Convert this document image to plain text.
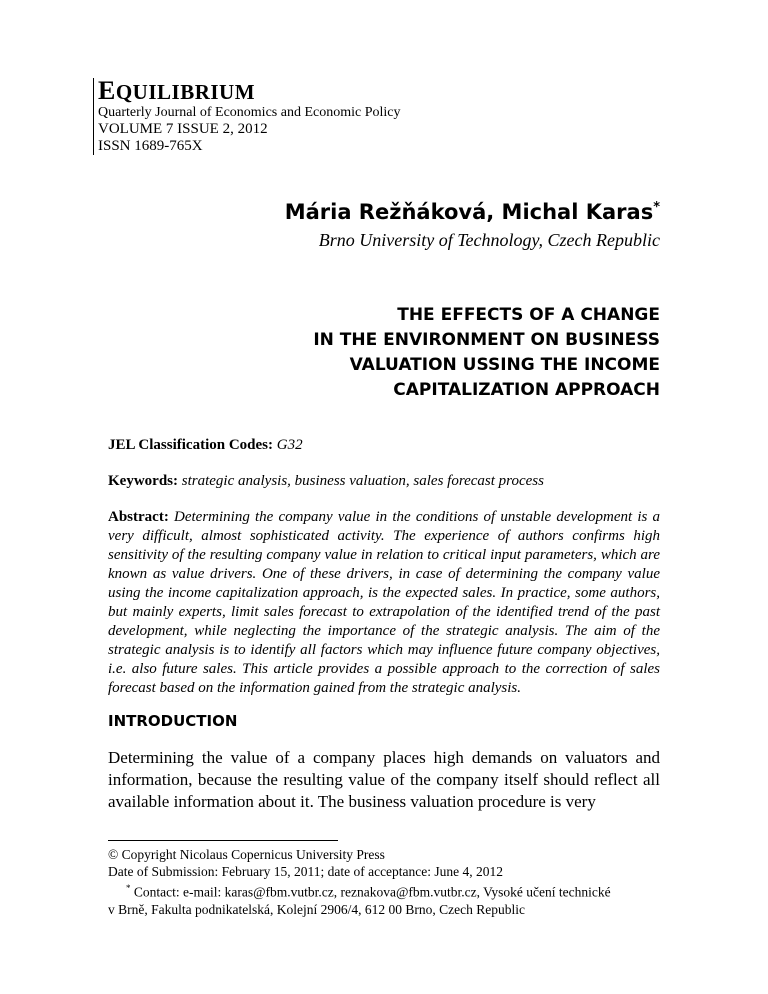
EQUILIBRIUM
Quarterly Journal of Economics and Economic Policy
VOLUME 7 ISSUE 2, 2012
ISSN 1689-765X
Mária Režňáková, Michal Karas*
Brno University of Technology, Czech Republic
THE EFFECTS OF A CHANGE
IN THE ENVIRONMENT ON BUSINESS
VALUATION USSING THE INCOME
CAPITALIZATION APPROACH
JEL Classification Codes: G32
Keywords: strategic analysis, business valuation, sales forecast process
Abstract: Determining the company value in the conditions of unstable development is a very difficult, almost sophisticated activity. The experience of authors confirms high sensitivity of the resulting company value in relation to critical input parameters, which are known as value drivers. One of these drivers, in case of determining the company value using the income capitalization approach, is the expected sales. In practice, some authors, but mainly experts, limit sales forecast to extrapolation of the identified trend of the past development, while neglecting the importance of the strategic analysis. The aim of the strategic analysis is to identify all factors which may influence future company objectives, i.e. also future sales. This article provides a possible approach to the correction of sales forecast based on the information gained from the strategic analysis.
INTRODUCTION
Determining the value of a company places high demands on valuators and information, because the resulting value of the company itself should reflect all available information about it. The business valuation procedure is very
© Copyright Nicolaus Copernicus University Press
Date of Submission: February 15, 2011; date of acceptance: June 4, 2012
* Contact: e-mail: karas@fbm.vutbr.cz, reznakova@fbm.vutbr.cz, Vysoké učení technické
v Brně, Fakulta podnikatelská, Kolejní 2906/4, 612 00 Brno, Czech Republic
